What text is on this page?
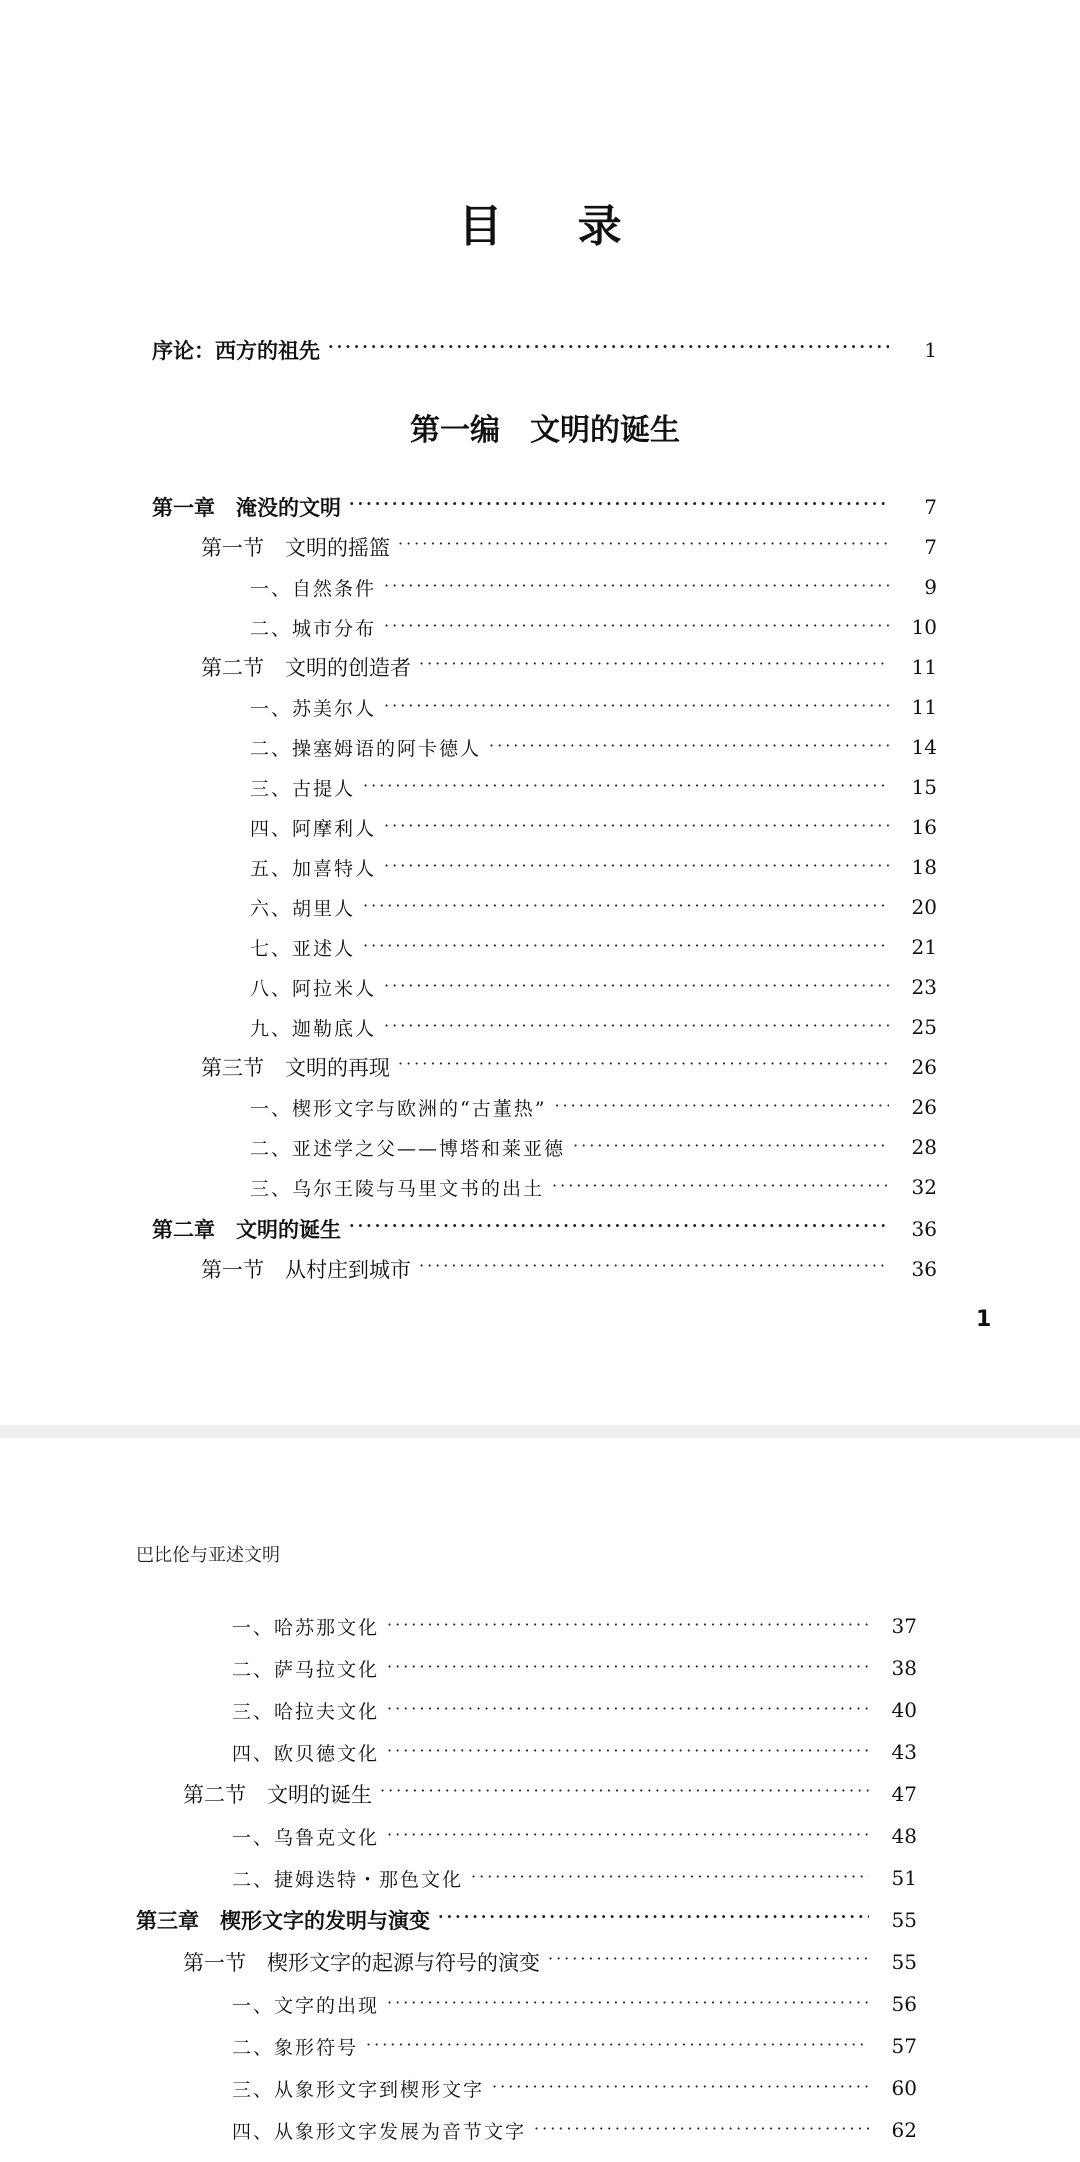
目 录
第一编　文明的诞生
序论：西方的祖先 ·····	1
第一章　淹没的文明 ·····	7
第一节　文明的摇篮 ·····	7
一、自然条件 ·····	9
二、城市分布 ·····	10
第二节　文明的创造者 ·····	11
一、苏美尔人 ·····	11
二、操塞姆语的阿卡德人 ·····	14
三、古提人 ·····	15
四、阿摩利人 ·····	16
五、加喜特人 ·····	18
六、胡里人 ·····	20
七、亚述人 ·····	21
八、阿拉米人 ·····	23
九、迦勒底人 ·····	25
第三节　文明的再现 ·····	26
一、楔形文字与欧洲的“古董热” ·····	26
二、亚述学之父——博塔和莱亚德 ·····	28
三、乌尔王陵与马里文书的出土 ·····	32
第二章　文明的诞生 ·····	36
第一节　从村庄到城市 ·····	36
1
巴比伦与亚述文明
一、哈苏那文化 ·····	37
二、萨马拉文化 ·····	38
三、哈拉夫文化 ·····	40
四、欧贝德文化 ·····	43
第二节　文明的诞生 ·····	47
一、乌鲁克文化 ·····	48
二、捷姆迭特・那色文化 ·····	51
第三章　楔形文字的发明与演变 ·····	55
第一节　楔形文字的起源与符号的演变 ·····	55
一、文字的出现 ·····	56
二、象形符号 ·····	57
三、从象形文字到楔形文字 ·····	60
四、从象形文字发展为音节文字 ·····	62
